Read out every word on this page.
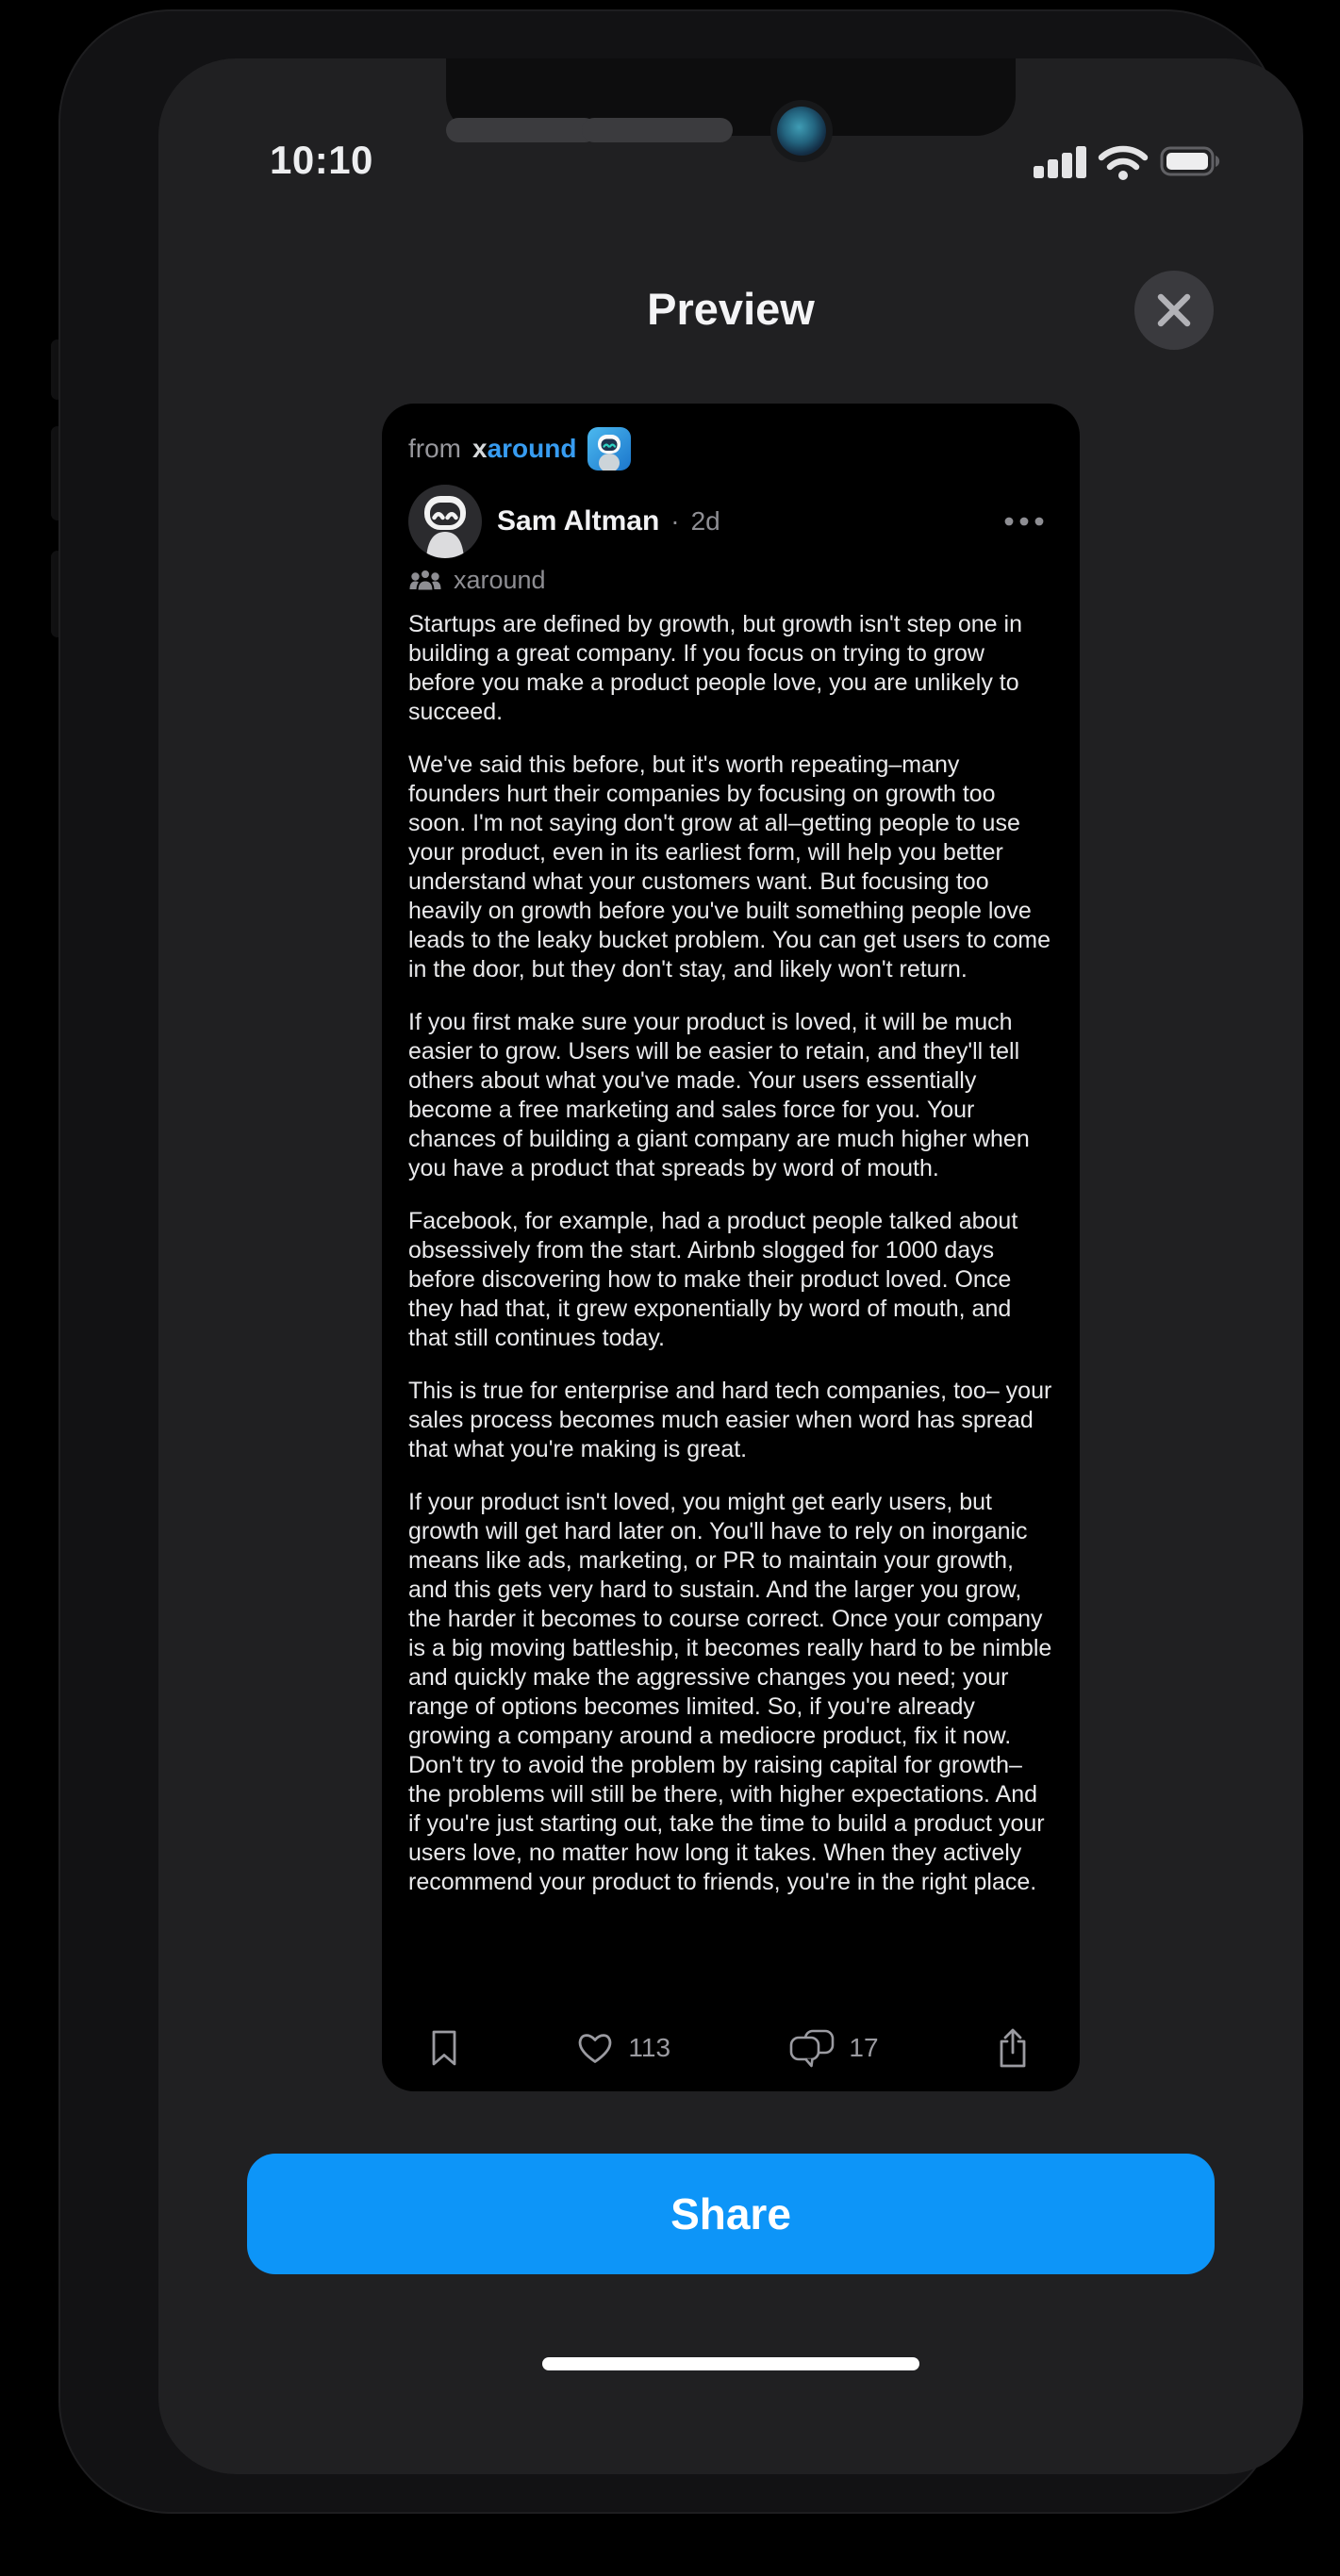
10:10
Preview
from xaround
Sam Altman · 2d
xaround

Startups are defined by growth, but growth isn't step one in building a great company. If you focus on trying to grow before you make a product people love, you are unlikely to succeed.

We've said this before, but it's worth repeating–many founders hurt their companies by focusing on growth too soon. I'm not saying don't grow at all–getting people to use your product, even in its earliest form, will help you better understand what your customers want. But focusing too heavily on growth before you've built something people love leads to the leaky bucket problem. You can get users to come in the door, but they don't stay, and likely won't return.

If you first make sure your product is loved, it will be much easier to grow. Users will be easier to retain, and they'll tell others about what you've made. Your users essentially become a free marketing and sales force for you. Your chances of building a giant company are much higher when you have a product that spreads by word of mouth.

Facebook, for example, had a product people talked about obsessively from the start. Airbnb slogged for 1000 days before discovering how to make their product loved. Once they had that, it grew exponentially by word of mouth, and that still continues today.

This is true for enterprise and hard tech companies, too– your sales process becomes much easier when word has spread that what you're making is great.

If your product isn't loved, you might get early users, but growth will get hard later on. You'll have to rely on inorganic means like ads, marketing, or PR to maintain your growth, and this gets very hard to sustain. And the larger you grow, the harder it becomes to course correct. Once your company is a big moving battleship, it becomes really hard to be nimble and quickly make the aggressive changes you need; your range of options becomes limited. So, if you're already growing a company around a mediocre product, fix it now. Don't try to avoid the problem by raising capital for growth– the problems will still be there, with higher expectations. And if you're just starting out, take the time to build a product your users love, no matter how long it takes. When they actively recommend your product to friends, you're in the right place.

113	17
Share
